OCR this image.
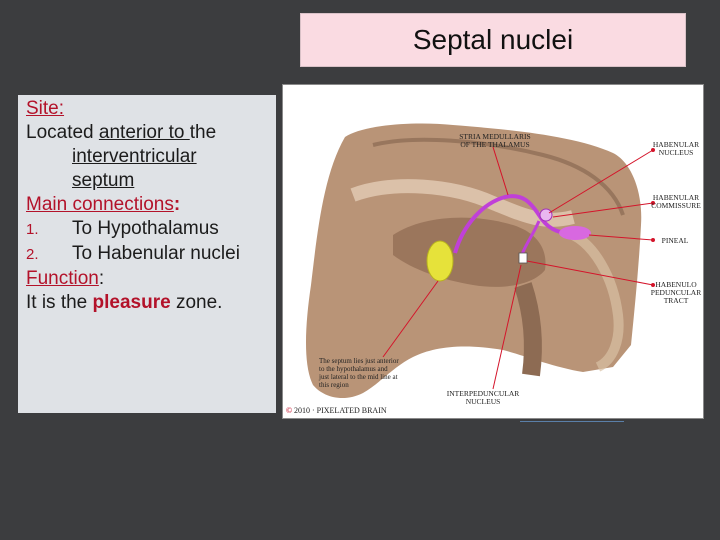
Septal nuclei

Site:

Located anterior to the

interventricular

septum

Main connections:

1. To Hypothalamus

2. To Habenular nuclei

Function:

It is the pleasure zone.

STRIA MEDULLARIS OF THE THALAMUS	HABENULAR NUCLEUS
HABENULAR COMMISSURE
PINEAL
HABENULO PEDUNCULAR TRACT
The septum lies just anterior to the hypothalamus and just lateral to the mid line at this region
INTERPEDUNCULAR NUCLEUS
© 2010 · PIXELATED BRAIN
